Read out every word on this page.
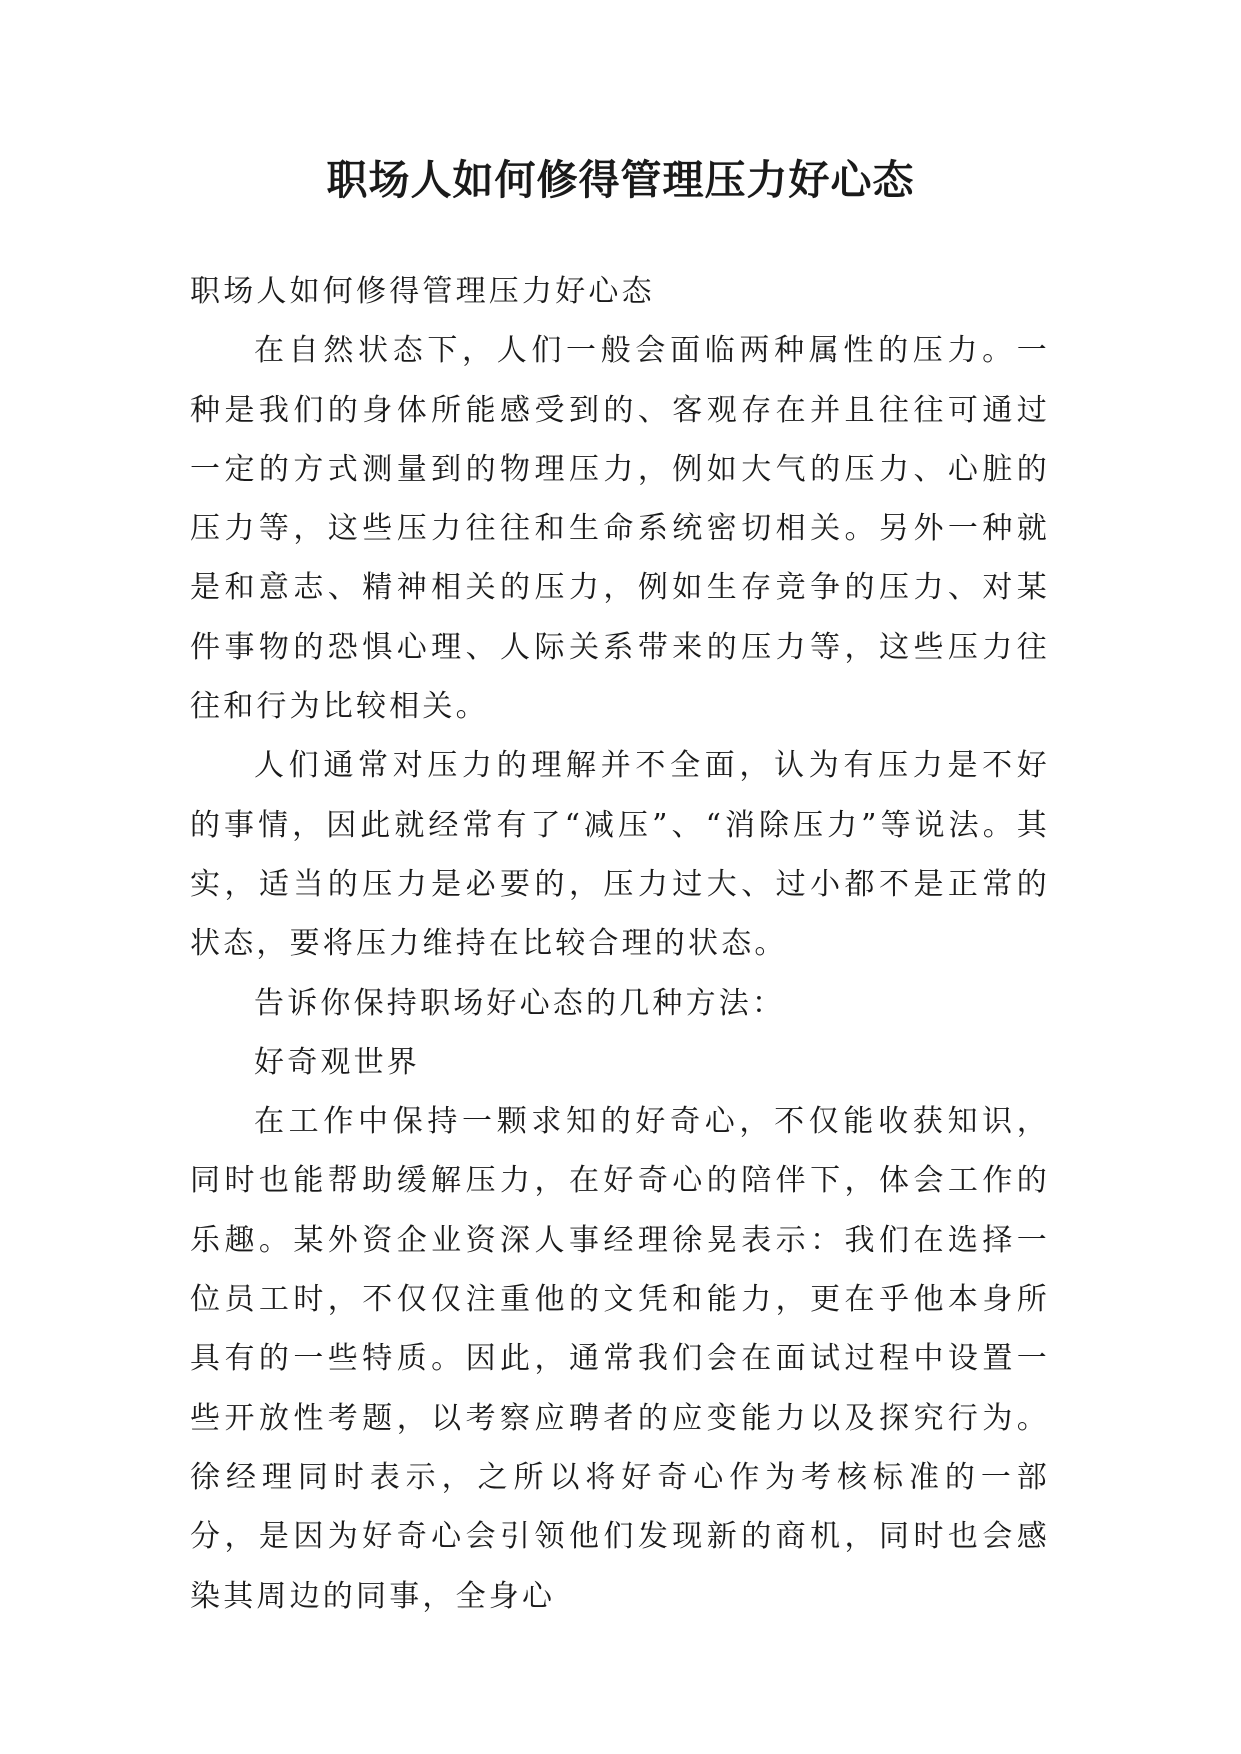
职场人如何修得管理压力好心态

职场人如何修得管理压力好心态

在自然状态下，人们一般会面临两种属性的压力。一种是我们的身体所能感受到的、客观存在并且往往可通过一定的方式测量到的物理压力，例如大气的压力、心脏的压力等，这些压力往往和生命系统密切相关。另外一种就是和意志、精神相关的压力，例如生存竞争的压力、对某件事物的恐惧心理、人际关系带来的压力等，这些压力往往和行为比较相关。

人们通常对压力的理解并不全面，认为有压力是不好的事情，因此就经常有了“减压”、“消除压力”等说法。其实，适当的压力是必要的，压力过大、过小都不是正常的状态，要将压力维持在比较合理的状态。

告诉你保持职场好心态的几种方法：

好奇观世界

在工作中保持一颗求知的好奇心，不仅能收获知识，同时也能帮助缓解压力，在好奇心的陪伴下，体会工作的乐趣。某外资企业资深人事经理徐晃表示：我们在选择一位员工时，不仅仅注重他的文凭和能力，更在乎他本身所具有的一些特质。因此，通常我们会在面试过程中设置一些开放性考题，以考察应聘者的应变能力以及探究行为。徐经理同时表示，之所以将好奇心作为考核标准的一部分，是因为好奇心会引领他们发现新的商机，同时也会感染其周边的同事，全身心
